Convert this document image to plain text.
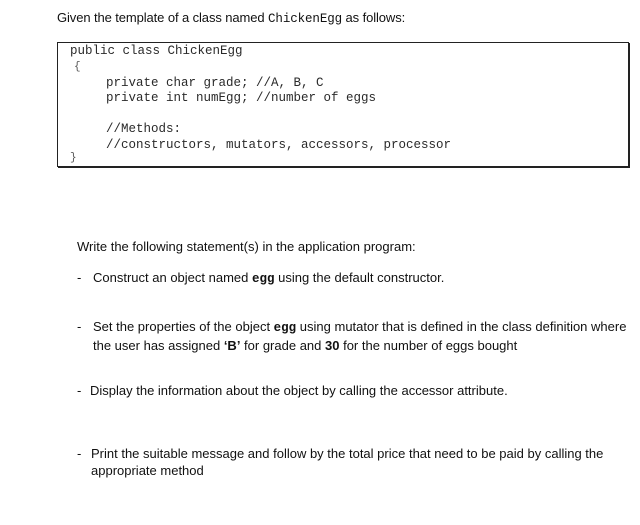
Given the template of a class named ChickenEgg as follows:
public class ChickenEgg
{
private char grade; //A, B, C
private int numEgg; //number of eggs
//Methods:
//constructors, mutators, accessors, processor
}
Write the following statement(s) in the application program:
- Construct an object named egg using the default constructor.
- Set the properties of the object egg using mutator that is defined in the class definition where the user has assigned ‘B’ for grade and 30 for the number of eggs bought
- Display the information about the object by calling the accessor attribute.
- Print the suitable message and follow by the total price that need to be paid by calling the appropriate method
